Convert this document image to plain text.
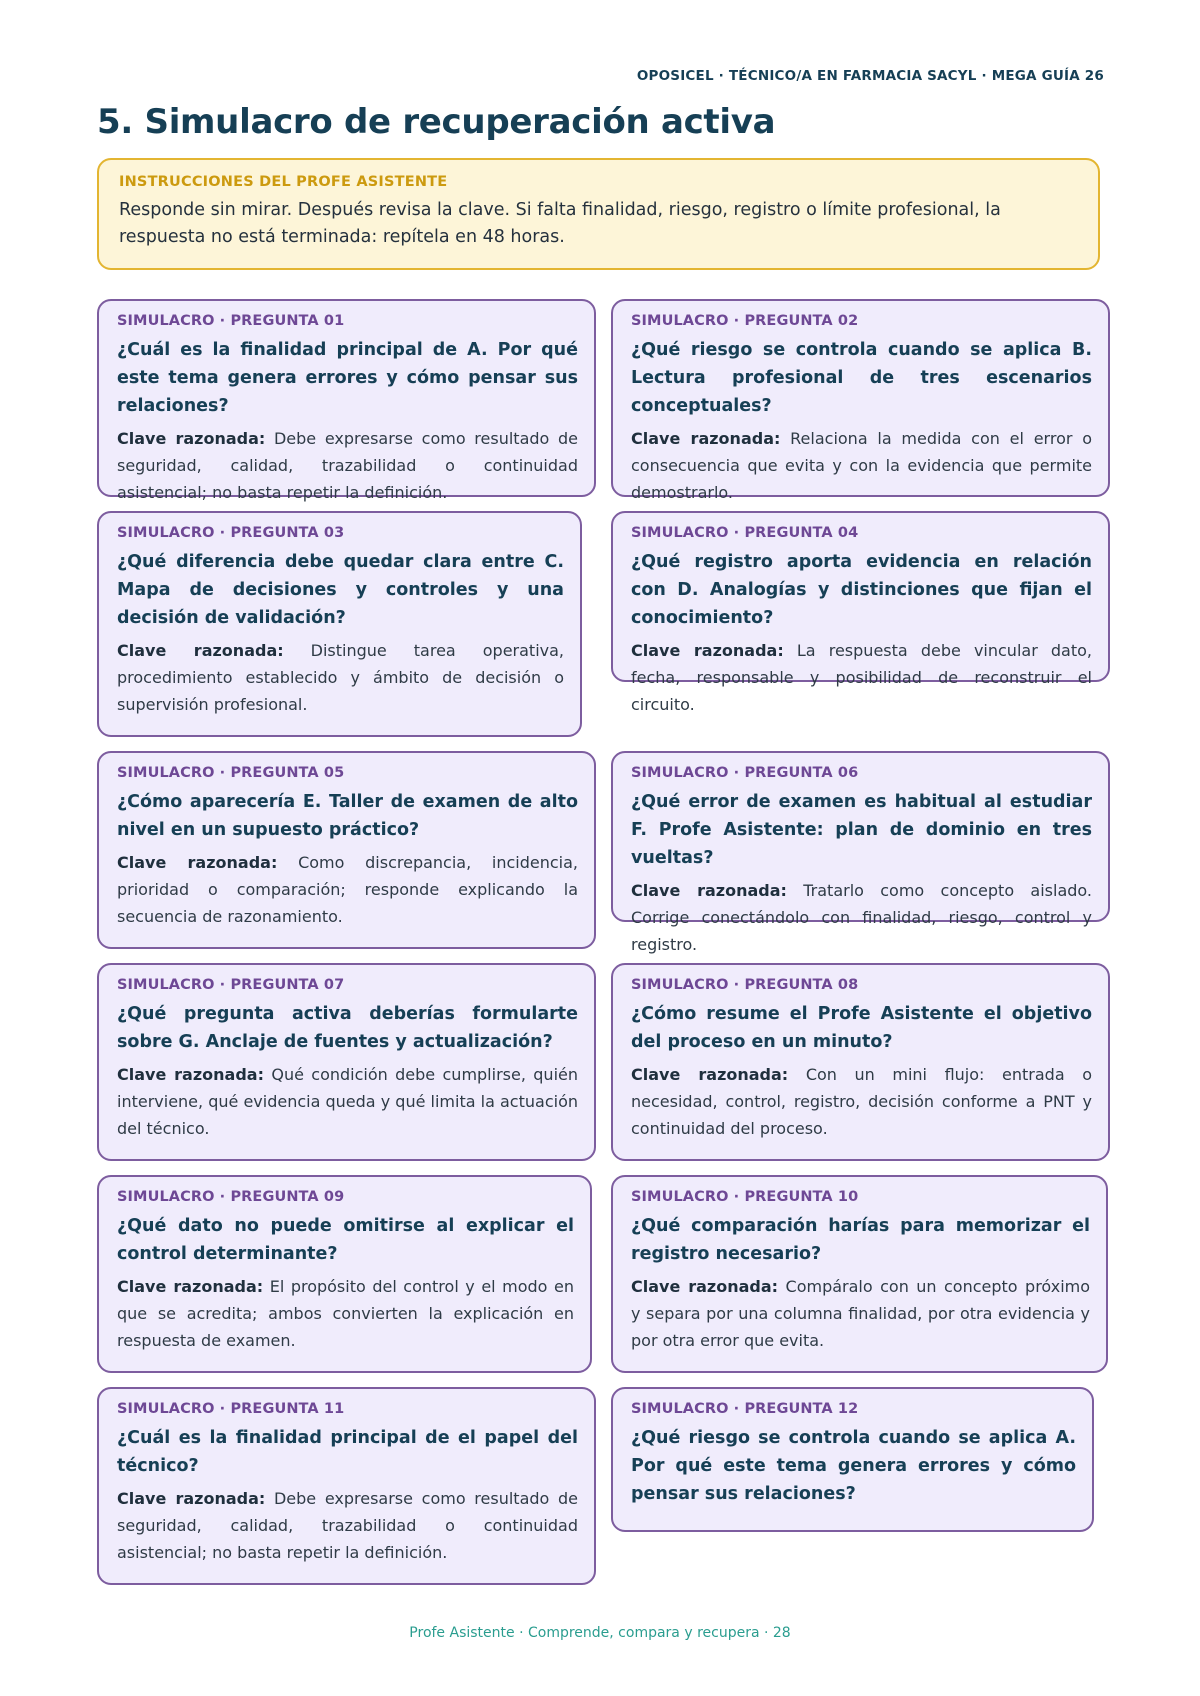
OPOSICEL · TÉCNICO/A EN FARMACIA SACYL · MEGA GUÍA 26
5. Simulacro de recuperación activa
INSTRUCCIONES DEL PROFE ASISTENTE

Responde sin mirar. Después revisa la clave. Si falta finalidad, riesgo, registro o límite profesional, la respuesta no está terminada: repítela en 48 horas.

SIMULACRO · PREGUNTA 01
¿Cuál es la finalidad principal de A. Por qué este tema genera errores y cómo pensar sus relaciones?

Clave razonada: Debe expresarse como resultado de seguridad, calidad, trazabilidad o continuidad asistencial; no basta repetir la definición.

SIMULACRO · PREGUNTA 02
¿Qué riesgo se controla cuando se aplica B. Lectura profesional de tres escenarios conceptuales?

Clave razonada: Relaciona la medida con el error o consecuencia que evita y con la evidencia que permite demostrarlo.

SIMULACRO · PREGUNTA 03
¿Qué diferencia debe quedar clara entre C. Mapa de decisiones y controles y una decisión de validación?

Clave razonada: Distingue tarea operativa, procedimiento establecido y ámbito de decisión o supervisión profesional.

SIMULACRO · PREGUNTA 04
¿Qué registro aporta evidencia en relación con D. Analogías y distinciones que fijan el conocimiento?

Clave razonada: La respuesta debe vincular dato, fecha, responsable y posibilidad de reconstruir el circuito.

SIMULACRO · PREGUNTA 05
¿Cómo aparecería E. Taller de examen de alto nivel en un supuesto práctico?

Clave razonada: Como discrepancia, incidencia, prioridad o comparación; responde explicando la secuencia de razonamiento.

SIMULACRO · PREGUNTA 06
¿Qué error de examen es habitual al estudiar F. Profe Asistente: plan de dominio en tres vueltas?

Clave razonada: Tratarlo como concepto aislado. Corrige conectándolo con finalidad, riesgo, control y registro.

SIMULACRO · PREGUNTA 07
¿Qué pregunta activa deberías formularte sobre G. Anclaje de fuentes y actualización?

Clave razonada: Qué condición debe cumplirse, quién interviene, qué evidencia queda y qué limita la actuación del técnico.

SIMULACRO · PREGUNTA 08
¿Cómo resume el Profe Asistente el objetivo del proceso en un minuto?

Clave razonada: Con un mini flujo: entrada o necesidad, control, registro, decisión conforme a PNT y continuidad del proceso.

SIMULACRO · PREGUNTA 09
¿Qué dato no puede omitirse al explicar el control determinante?

Clave razonada: El propósito del control y el modo en que se acredita; ambos convierten la explicación en respuesta de examen.

SIMULACRO · PREGUNTA 10
¿Qué comparación harías para memorizar el registro necesario?

Clave razonada: Compáralo con un concepto próximo y separa por una columna finalidad, por otra evidencia y por otra error que evita.

SIMULACRO · PREGUNTA 11
¿Cuál es la finalidad principal de el papel del técnico?

Clave razonada: Debe expresarse como resultado de seguridad, calidad, trazabilidad o continuidad asistencial; no basta repetir la definición.

SIMULACRO · PREGUNTA 12
¿Qué riesgo se controla cuando se aplica A. Por qué este tema genera errores y cómo pensar sus relaciones?
Profe Asistente · Comprende, compara y recupera · 28
